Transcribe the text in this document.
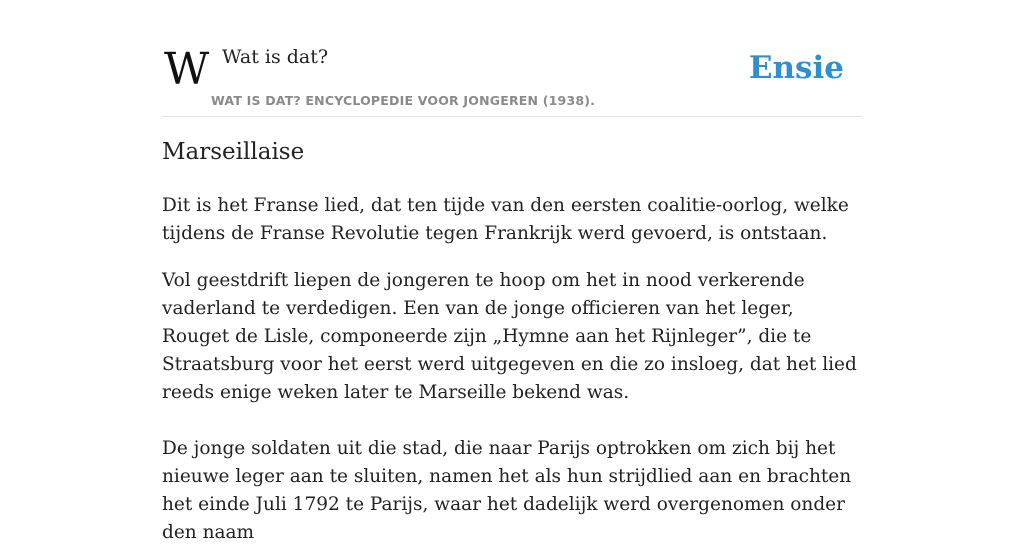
W Wat is dat?
WAT IS DAT? ENCYCLOPEDIE VOOR JONGEREN (1938).
Ensie
Marseillaise

Dit is het Franse lied, dat ten tijde van den eersten coalitie-oorlog, welke tijdens de Franse Revolutie tegen Frankrijk werd gevoerd, is ontstaan.

Vol geestdrift liepen de jongeren te hoop om het in nood verkerende vaderland te verdedigen. Een van de jonge officieren van het leger, Rouget de Lisle, componeerde zijn „Hymne aan het Rijnleger”, die te Straatsburg voor het eerst werd uitgegeven en die zo insloeg, dat het lied reeds enige weken later te Marseille bekend was.

De jonge soldaten uit die stad, die naar Parijs optrokken om zich bij het nieuwe leger aan te sluiten, namen het als hun strijdlied aan en brachten het einde Juli 1792 te Parijs, waar het dadelijk werd overgenomen onder den naam
